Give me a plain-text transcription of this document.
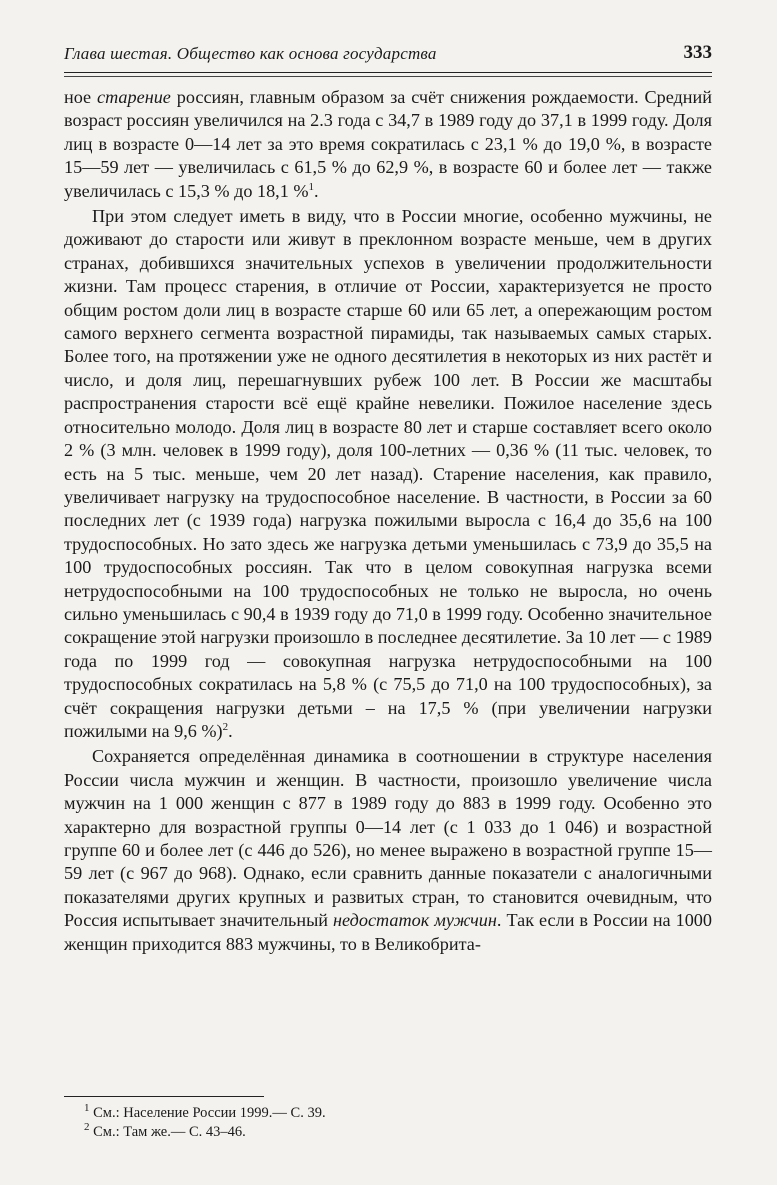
Глава шестая. Общество как основа государства	333

ное старение россиян, главным образом за счёт снижения рождаемости. Средний возраст россиян увеличился на 2.3 года с 34,7 в 1989 году до 37,1 в 1999 году. Доля лиц в возрасте 0—14 лет за это время сократилась с 23,1 % до 19,0 %, в возрасте 15—59 лет — увеличилась с 61,5 % до 62,9 %, в возрасте 60 и более лет — также увеличилась с 15,3 % до 18,1 %$^1$.

При этом следует иметь в виду, что в России многие, особенно мужчины, не доживают до старости или живут в преклонном возрасте меньше, чем в других странах, добившихся значительных успехов в увеличении продолжительности жизни. Там процесс старения, в отличие от России, характеризуется не просто общим ростом доли лиц в возрасте старше 60 или 65 лет, а опережающим ростом самого верхнего сегмента возрастной пирамиды, так называемых самых старых. Более того, на протяжении уже не одного десятилетия в некоторых из них растёт и число, и доля лиц, перешагнувших рубеж 100 лет. В России же масштабы распространения старости всё ещё крайне невелики. Пожилое население здесь относительно молодо. Доля лиц в возрасте 80 лет и старше составляет всего около 2 % (3 млн. человек в 1999 году), доля 100-летних — 0,36 % (11 тыс. человек, то есть на 5 тыс. меньше, чем 20 лет назад). Старение населения, как правило, увеличивает нагрузку на трудоспособное население. В частности, в России за 60 последних лет (с 1939 года) нагрузка пожилыми выросла с 16,4 до 35,6 на 100 трудоспособных. Но зато здесь же нагрузка детьми уменьшилась с 73,9 до 35,5 на 100 трудоспособных россиян. Так что в целом совокупная нагрузка всеми нетрудоспособными на 100 трудоспособных не только не выросла, но очень сильно уменьшилась с 90,4 в 1939 году до 71,0 в 1999 году. Особенно значительное сокращение этой нагрузки произошло в последнее десятилетие. За 10 лет — с 1989 года по 1999 год — совокупная нагрузка нетрудоспособными на 100 трудоспособных сократилась на 5,8 % (с 75,5 до 71,0 на 100 трудоспособных), за счёт сокращения нагрузки детьми – на 17,5 % (при увеличении нагрузки пожилыми на 9,6 %)$^2$.

Сохраняется определённая динамика в соотношении в структуре населения России числа мужчин и женщин. В частности, произошло увеличение числа мужчин на 1 000 женщин с 877 в 1989 году до 883 в 1999 году. Особенно это характерно для возрастной группы 0—14 лет (с 1 033 до 1 046) и возрастной группе 60 и более лет (с 446 до 526), но менее выражено в возрастной группе 15—59 лет (с 967 до 968). Однако, если сравнить данные показатели с аналогичными показателями других крупных и развитых стран, то становится очевидным, что Россия испытывает значительный недостаток мужчин. Так если в России на 1000 женщин приходится 883 мужчины, то в Великобрита-

$^1$ См.: Население России 1999.— С. 39.
$^2$ См.: Там же.— С. 43–46.
